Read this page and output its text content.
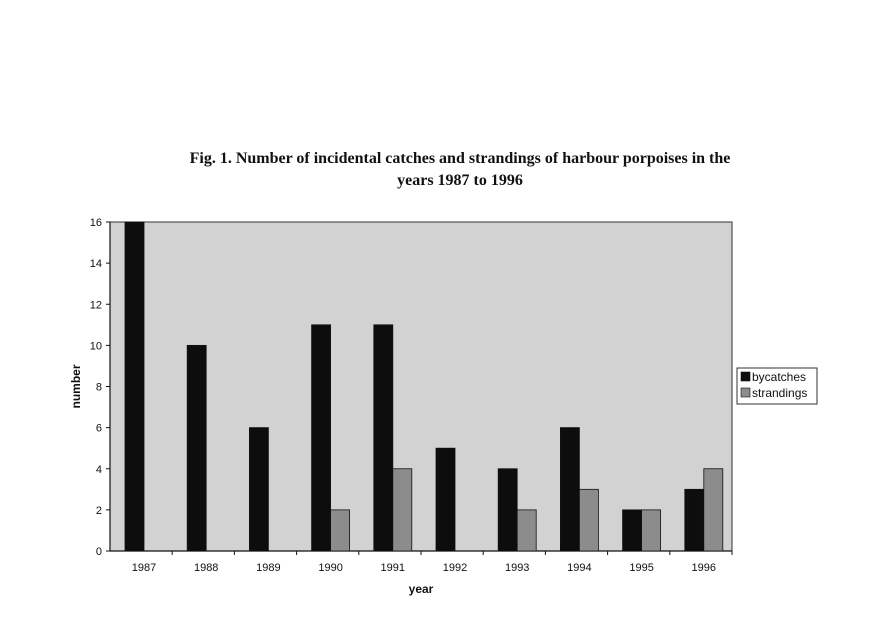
Fig. 1. Number of incidental catches and strandings of harbour porpoises in the
years 1987 to 1996
0
2
4
6
8
10
12
14
16
1987	1988	1989	1990	1991	1992	1993	1994	1995	1996
year
number	bycatches
strandings
